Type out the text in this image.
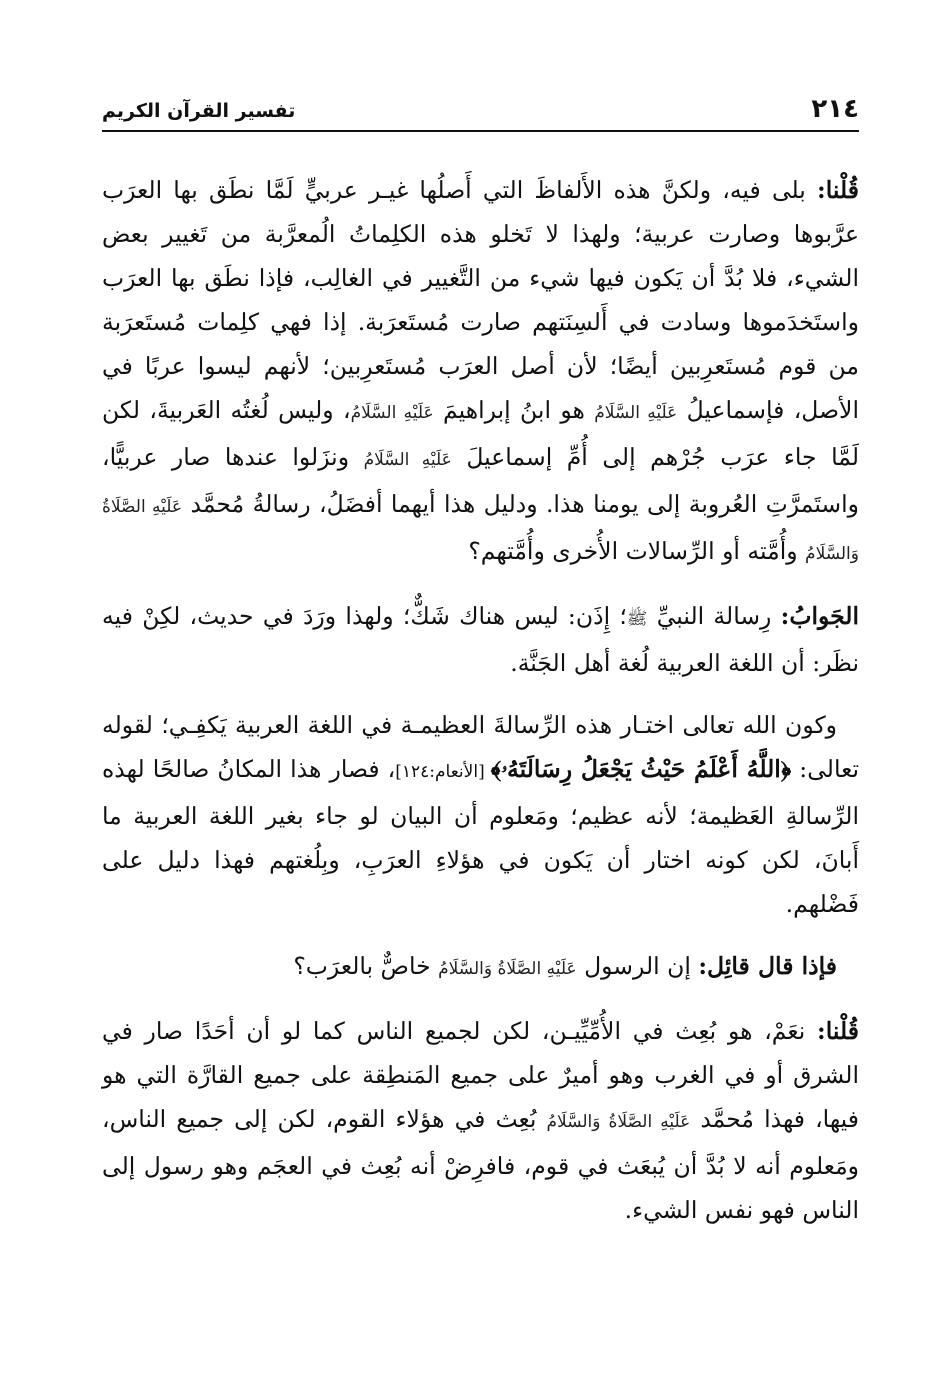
٢١٤
تفسير القرآن الكريم

قُلْنا: بلى فيه، ولكنَّ هذه الأَلفاظَ التي أَصلُها غيـر عربيٍّ لَمَّا نطَق بها العرَب عرَّبوها وصارت عربية؛ ولهذا لا تَخلو هذه الكلِماتُ الُمعرَّبة من تَغيير بعض الشيء، فلا بُدَّ أن يَكون فيها شيء من التَّغيير في الغالِب، فإذا نطَق بها العرَب واستَخدَموها وسادت في أَلسِنَتهم صارت مُستَعرَبة. إذا فهي كلِمات مُستَعرَبة من قوم مُستَعرِبين أيضًا؛ لأن أصل العرَب مُستَعرِبين؛ لأنهم ليسوا عربًا في الأصل، فإسماعيلُ عَلَيْهِ السَّلَامُ هو ابنُ إبراهيمَ عَلَيْهِ السَّلَامُ، وليس لُغتُه العَربيةَ، لكن لَمَّا جاء عرَب جُرْهم إلى أُمِّ إسماعيلَ عَلَيْهِ السَّلَامُ ونزَلوا عندها صار عربيًّا، واستَمرَّتِ العُروبة إلى يومنا هذا. ودليل هذا أيهما أفضَلُ، رسالةُ مُحمَّد عَلَيْهِ الصَّلَاةُ وَالسَّلَامُ وأُمَّته أو الرِّسالات الأُخرى وأُمَّتهم؟

الجَوابُ: رِسالة النبيِّ ﷺ؛ إِذَن: ليس هناك شَكٌّ؛ ولهذا ورَدَ في حديث، لكِنْ فيه نظَر: أن اللغة العربية لُغة أهل الجَنَّة.

وكون الله تعالى اختـار هذه الرِّسالةَ العظيمـة في اللغة العربية يَكفِـي؛ لقوله تعالى: ﴿اللَّهُ أَعْلَمُ حَيْثُ يَجْعَلُ رِسَالَتَهُۥ﴾ [الأنعام:١٢٤]، فصار هذا المكانُ صالحًا لهذه الرِّسالةِ العَظيمة؛ لأنه عظيم؛ ومَعلوم أن البيان لو جاء بغير اللغة العربية ما أَبانَ، لكن كونه اختار أن يَكون في هؤلاءِ العرَبِ، وبِلُغتهم فهذا دليل على فَضْلهم.

فإذا قال قائِل: إن الرسول عَلَيْهِ الصَّلَاةُ وَالسَّلَامُ خاصٌّ بالعرَب؟

قُلْنا: نعَمْ، هو بُعِث في الأُمِّيِّيـن، لكن لجميع الناس كما لو أن أحَدًا صار في الشرق أو في الغرب وهو أميرٌ على جميع المَنطِقة على جميع القارَّة التي هو فيها، فهذا مُحمَّد عَلَيْهِ الصَّلَاةُ وَالسَّلَامُ بُعِث في هؤلاء القوم، لكن إلى جميع الناس، ومَعلوم أنه لا بُدَّ أن يُبعَث في قوم، فافرِضْ أنه بُعِث في العجَم وهو رسول إلى الناس فهو نفس الشيء.
